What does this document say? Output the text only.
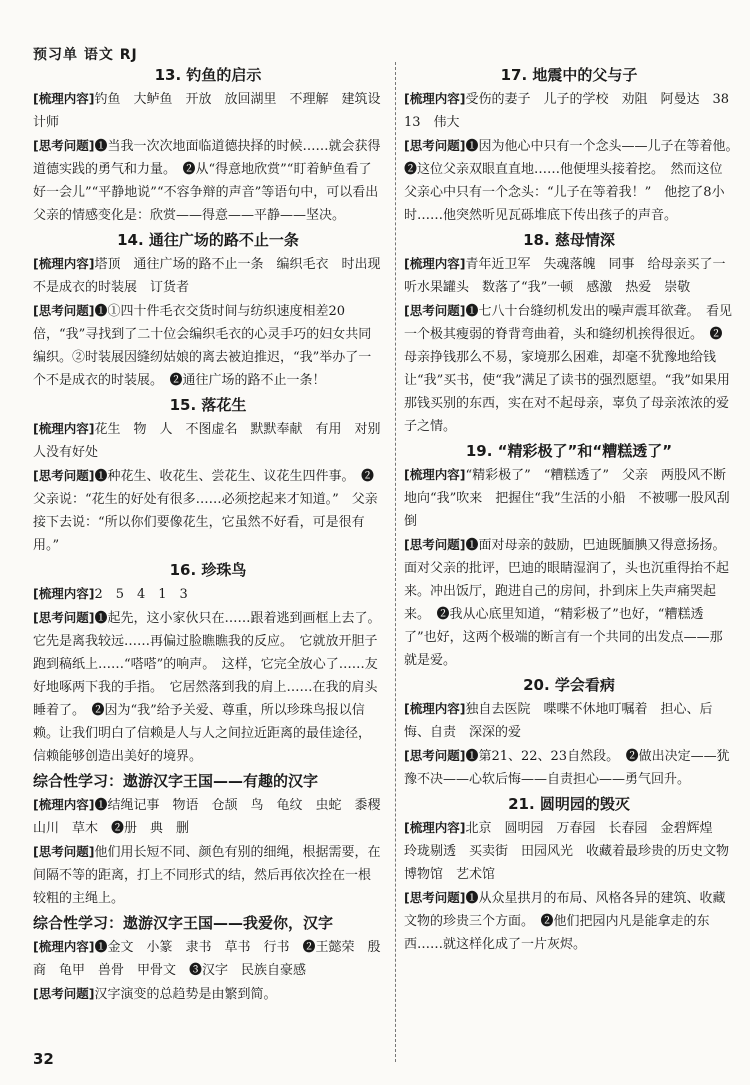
预习单 语文 RJ
13. 钓鱼的启示
[梳理内容]钓鱼　大鲈鱼　开放　放回湖里　不理解　建筑设计师
[思考问题]❶当我一次次地面临道德抉择的时候……就会获得道德实践的勇气和力量。　❷从“得意地欣赏”“盯着鲈鱼看了好一会儿”“平静地说”“不容争辩的声音”等语句中，可以看出父亲的情感变化是：欣赏——得意——平静——坚决。
14. 通往广场的路不止一条
[梳理内容]塔顶　通往广场的路不止一条　编织毛衣　时出现　不是成衣的时装展　订货者
[思考问题]❶①四十件毛衣交货时间与纺织速度相差20倍，“我”寻找到了二十位会编织毛衣的心灵手巧的妇女共同编织。②时装展因缝纫姑娘的离去被迫推迟，“我”举办了一个不是成衣的时装展。　❷通往广场的路不止一条！
15. 落花生
[梳理内容]花生　物　人　不图虚名　默默奉献　有用　对别人没有好处
[思考问题]❶种花生、收花生、尝花生、议花生四件事。　❷父亲说：“花生的好处有很多……必须挖起来才知道。”　父亲接下去说：“所以你们要像花生，它虽然不好看，可是很有用。”
16. 珍珠鸟
[梳理内容]2　5　4　1　3
[思考问题]❶起先，这小家伙只在……跟着逃到画框上去了。　它先是离我较远……再偏过脸瞧瞧我的反应。　它就放开胆子跑到稿纸上……“嗒嗒”的响声。　这样，它完全放心了……友好地啄两下我的手指。　它居然落到我的肩上……在我的肩头睡着了。　❷因为“我”给予关爱、尊重，所以珍珠鸟报以信赖。让我们明白了信赖是人与人之间拉近距离的最佳途径，信赖能够创造出美好的境界。
综合性学习：遨游汉字王国——有趣的汉字
[梳理内容]❶结绳记事　物语　仓颉　鸟　龟纹　虫蛇　黍稷　山川　草木　❷册　典　删
[思考问题]他们用长短不同、颜色有别的细绳，根据需要，在间隔不等的距离，打上不同形式的结，然后再依次拴在一根较粗的主绳上。
综合性学习：遨游汉字王国——我爱你，汉字
[梳理内容]❶金文　小篆　隶书　草书　行书　❷王懿荣　殷商　龟甲　兽骨　甲骨文　❸汉字　民族自豪感
[思考问题]汉字演变的总趋势是由繁到简。
17. 地震中的父与子
[梳理内容]受伤的妻子　儿子的学校　劝阻　阿曼达　38　13　伟大
[思考问题]❶因为他心中只有一个念头——儿子在等着他。　❷这位父亲双眼直直地……他便埋头接着挖。　然而这位父亲心中只有一个念头：“儿子在等着我！”　他挖了8小时……他突然听见瓦砾堆底下传出孩子的声音。
18. 慈母情深
[梳理内容]青年近卫军　失魂落魄　同事　给母亲买了一听水果罐头　数落了“我”一顿　感激　热爱　崇敬
[思考问题]❶七八十台缝纫机发出的噪声震耳欲聋。　看见一个极其瘦弱的脊背弯曲着，头和缝纫机挨得很近。　❷母亲挣钱那么不易，家境那么困难，却毫不犹豫地给钱让“我”买书，使“我”满足了读书的强烈愿望。“我”如果用那钱买别的东西，实在对不起母亲，辜负了母亲浓浓的爱子之情。
19. “精彩极了”和“糟糕透了”
[梳理内容]“精彩极了”　“糟糕透了”　父亲　两股风不断地向“我”吹来　把握住“我”生活的小船　不被哪一股风刮倒
[思考问题]❶面对母亲的鼓励，巴迪既腼腆又得意扬扬。面对父亲的批评，巴迪的眼睛湿润了，头也沉重得抬不起来。冲出饭厅，跑进自己的房间，扑到床上失声痛哭起来。　❷我从心底里知道，“精彩极了”也好，“糟糕透了”也好，这两个极端的断言有一个共同的出发点——那就是爱。
20. 学会看病
[梳理内容]独自去医院　喋喋不休地叮嘱着　担心、后悔、自责　深深的爱
[思考问题]❶第21、22、23自然段。　❷做出决定——犹豫不决——心软后悔——自责担心——勇气回升。
21. 圆明园的毁灭
[梳理内容]北京　圆明园　万春园　长春园　金碧辉煌　玲珑剔透　买卖街　田园风光　收藏着最珍贵的历史文物　博物馆　艺术馆
[思考问题]❶从众星拱月的布局、风格各异的建筑、收藏文物的珍贵三个方面。　❷他们把园内凡是能拿走的东西……就这样化成了一片灰烬。
32
